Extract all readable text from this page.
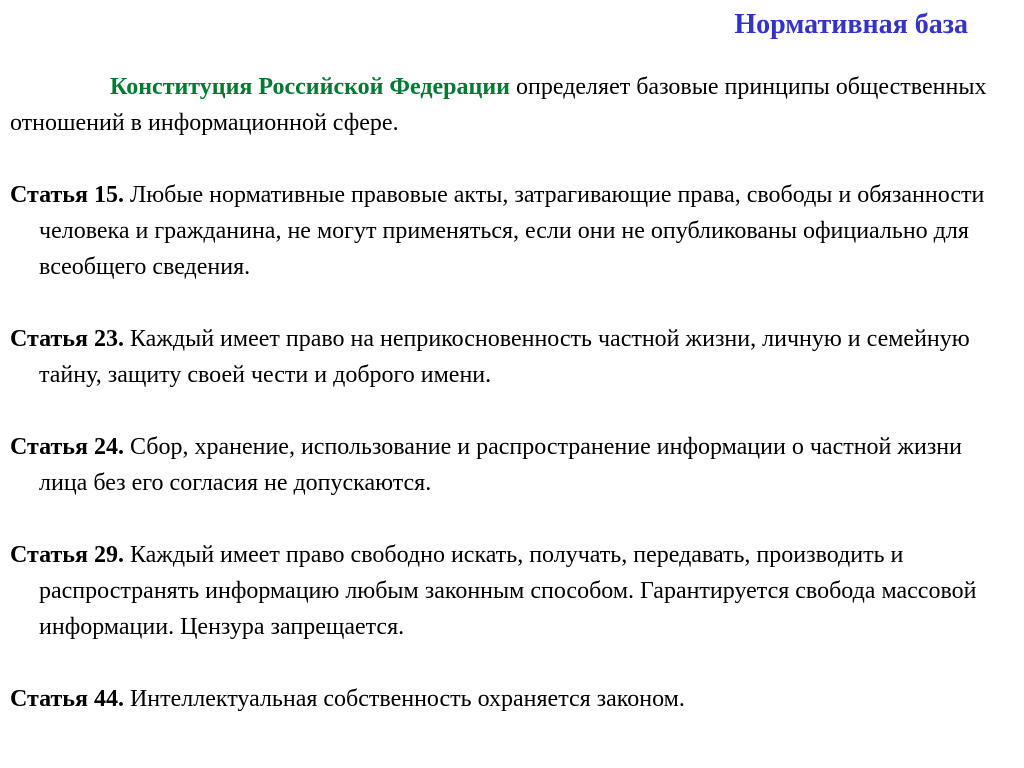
Нормативная база

Конституция Российской Федерации определяет базовые принципы общественных отношений в информационной сфере.

Статья 15. Любые нормативные правовые акты, затрагивающие права, свободы и обязанности человека и гражданина, не могут применяться, если они не опубликованы официально для всеобщего сведения.

Статья 23. Каждый имеет право на неприкосновенность частной жизни, личную и семейную тайну, защиту своей чести и доброго имени.

Статья 24. Сбор, хранение, использование и распространение информации о частной жизни лица без его согласия не допускаются.

Статья 29. Каждый имеет право свободно искать, получать, передавать, производить и распространять информацию любым законным способом. Гарантируется свобода массовой информации. Цензура запрещается.

Статья 44. Интеллектуальная собственность охраняется законом.
